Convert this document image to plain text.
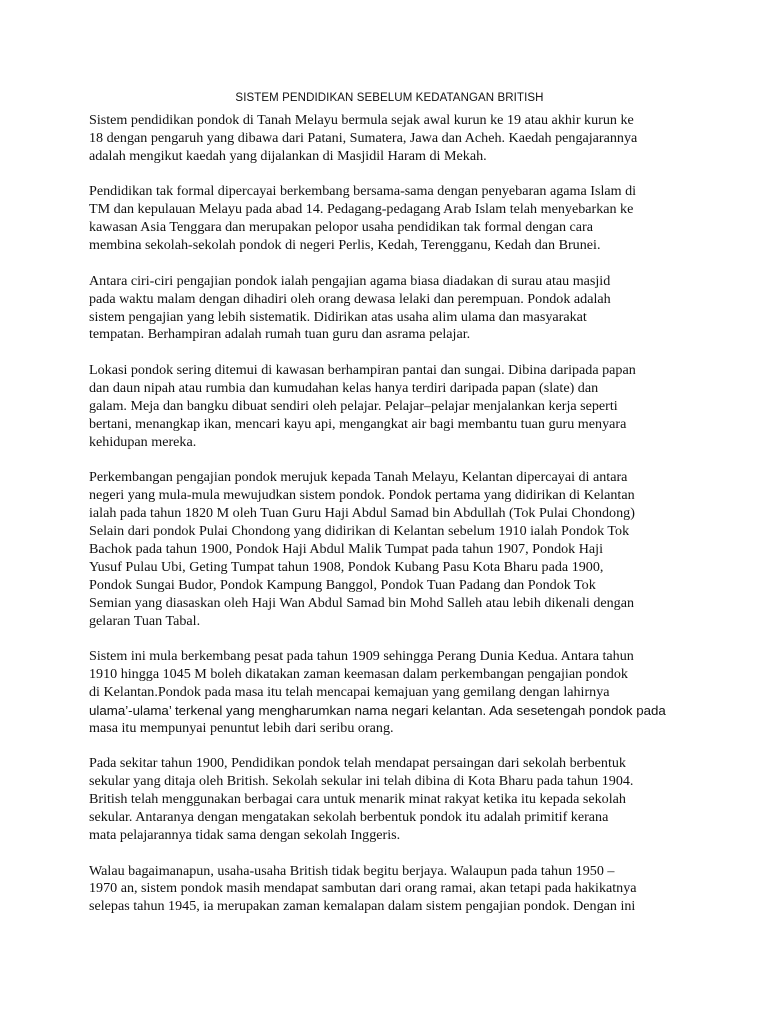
SISTEM PENDIDIKAN SEBELUM KEDATANGAN BRITISH
Sistem pendidikan pondok di Tanah Melayu bermula sejak awal kurun ke 19 atau akhir kurun ke
18 dengan pengaruh yang dibawa dari Patani, Sumatera, Jawa dan Acheh. Kaedah pengajarannya
adalah mengikut kaedah yang dijalankan di Masjidil Haram di Mekah.
Pendidikan tak formal dipercayai berkembang bersama-sama dengan penyebaran agama Islam di
TM dan kepulauan Melayu pada abad 14. Pedagang-pedagang Arab Islam telah menyebarkan ke
kawasan Asia Tenggara dan merupakan pelopor usaha pendidikan tak formal dengan cara
membina sekolah-sekolah pondok di negeri Perlis, Kedah, Terengganu, Kedah dan Brunei.
Antara ciri-ciri pengajian pondok ialah pengajian agama biasa diadakan di surau atau masjid
pada waktu malam dengan dihadiri oleh orang dewasa lelaki dan perempuan. Pondok adalah
sistem pengajian yang lebih sistematik. Didirikan atas usaha alim ulama dan masyarakat
tempatan. Berhampiran adalah rumah tuan guru dan asrama pelajar.
Lokasi pondok sering ditemui di kawasan berhampiran pantai dan sungai. Dibina daripada papan
dan daun nipah atau rumbia dan kumudahan kelas hanya terdiri daripada papan (slate) dan
galam. Meja dan bangku dibuat sendiri oleh pelajar. Pelajar–pelajar menjalankan kerja seperti
bertani, menangkap ikan, mencari kayu api, mengangkat air bagi membantu tuan guru menyara
kehidupan mereka.
Perkembangan pengajian pondok merujuk kepada Tanah Melayu, Kelantan dipercayai di antara
negeri yang mula-mula mewujudkan sistem pondok. Pondok pertama yang didirikan di Kelantan
ialah pada tahun 1820 M oleh Tuan Guru Haji Abdul Samad bin Abdullah (Tok Pulai Chondong)
Selain dari pondok Pulai Chondong yang didirikan di Kelantan sebelum 1910 ialah Pondok Tok
Bachok pada tahun 1900, Pondok Haji Abdul Malik Tumpat pada tahun 1907, Pondok Haji
Yusuf Pulau Ubi, Geting Tumpat tahun 1908, Pondok Kubang Pasu Kota Bharu pada 1900,
Pondok Sungai Budor, Pondok Kampung Banggol, Pondok Tuan Padang dan Pondok Tok
Semian yang diasaskan oleh Haji Wan Abdul Samad bin Mohd Salleh atau lebih dikenali dengan
gelaran Tuan Tabal.
Sistem ini mula berkembang pesat pada tahun 1909 sehingga Perang Dunia Kedua. Antara tahun
1910 hingga 1045 M boleh dikatakan zaman keemasan dalam perkembangan pengajian pondok
di Kelantan.Pondok pada masa itu telah mencapai kemajuan yang gemilang dengan lahirnya
ulama’-ulama’ terkenal yang mengharumkan nama negari kelantan. Ada sesetengah pondok pada
masa itu mempunyai penuntut lebih dari seribu orang.
Pada sekitar tahun 1900, Pendidikan pondok telah mendapat persaingan dari sekolah berbentuk
sekular yang ditaja oleh British. Sekolah sekular ini telah dibina di Kota Bharu pada tahun 1904.
British telah menggunakan berbagai cara untuk menarik minat rakyat ketika itu kepada sekolah
sekular. Antaranya dengan mengatakan sekolah berbentuk pondok itu adalah primitif kerana
mata pelajarannya tidak sama dengan sekolah Inggeris.
Walau bagaimanapun, usaha-usaha British tidak begitu berjaya. Walaupun pada tahun 1950 –
1970 an, sistem pondok masih mendapat sambutan dari orang ramai, akan tetapi pada hakikatnya
selepas tahun 1945, ia merupakan zaman kemalapan dalam sistem pengajian pondok. Dengan ini
